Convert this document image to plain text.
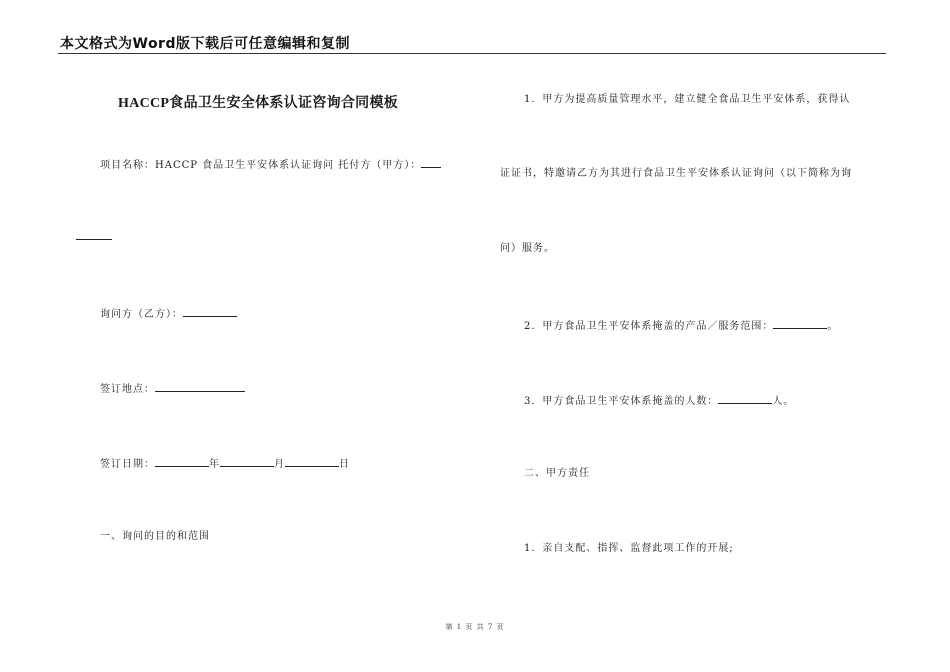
本文格式为Word版下载后可任意编辑和复制
HACCP食品卫生安全体系认证咨询合同模板
项目名称：HACCP 食品卫生平安体系认证询问 托付方（甲方）：
询问方（乙方）：
签订地点：
签订日期：	年	月	日
一、询问的目的和范围
1．甲方为提高质量管理水平，建立健全食品卫生平安体系，获得认
证证书，特邀请乙方为其进行食品卫生平安体系认证询问（以下简称为询
问）服务。
2．甲方食品卫生平安体系掩盖的产品／服务范围：	。
3．甲方食品卫生平安体系掩盖的人数：	人。
二、甲方责任
1．亲自支配、指挥、监督此项工作的开展;
第 1 页 共 7 页
